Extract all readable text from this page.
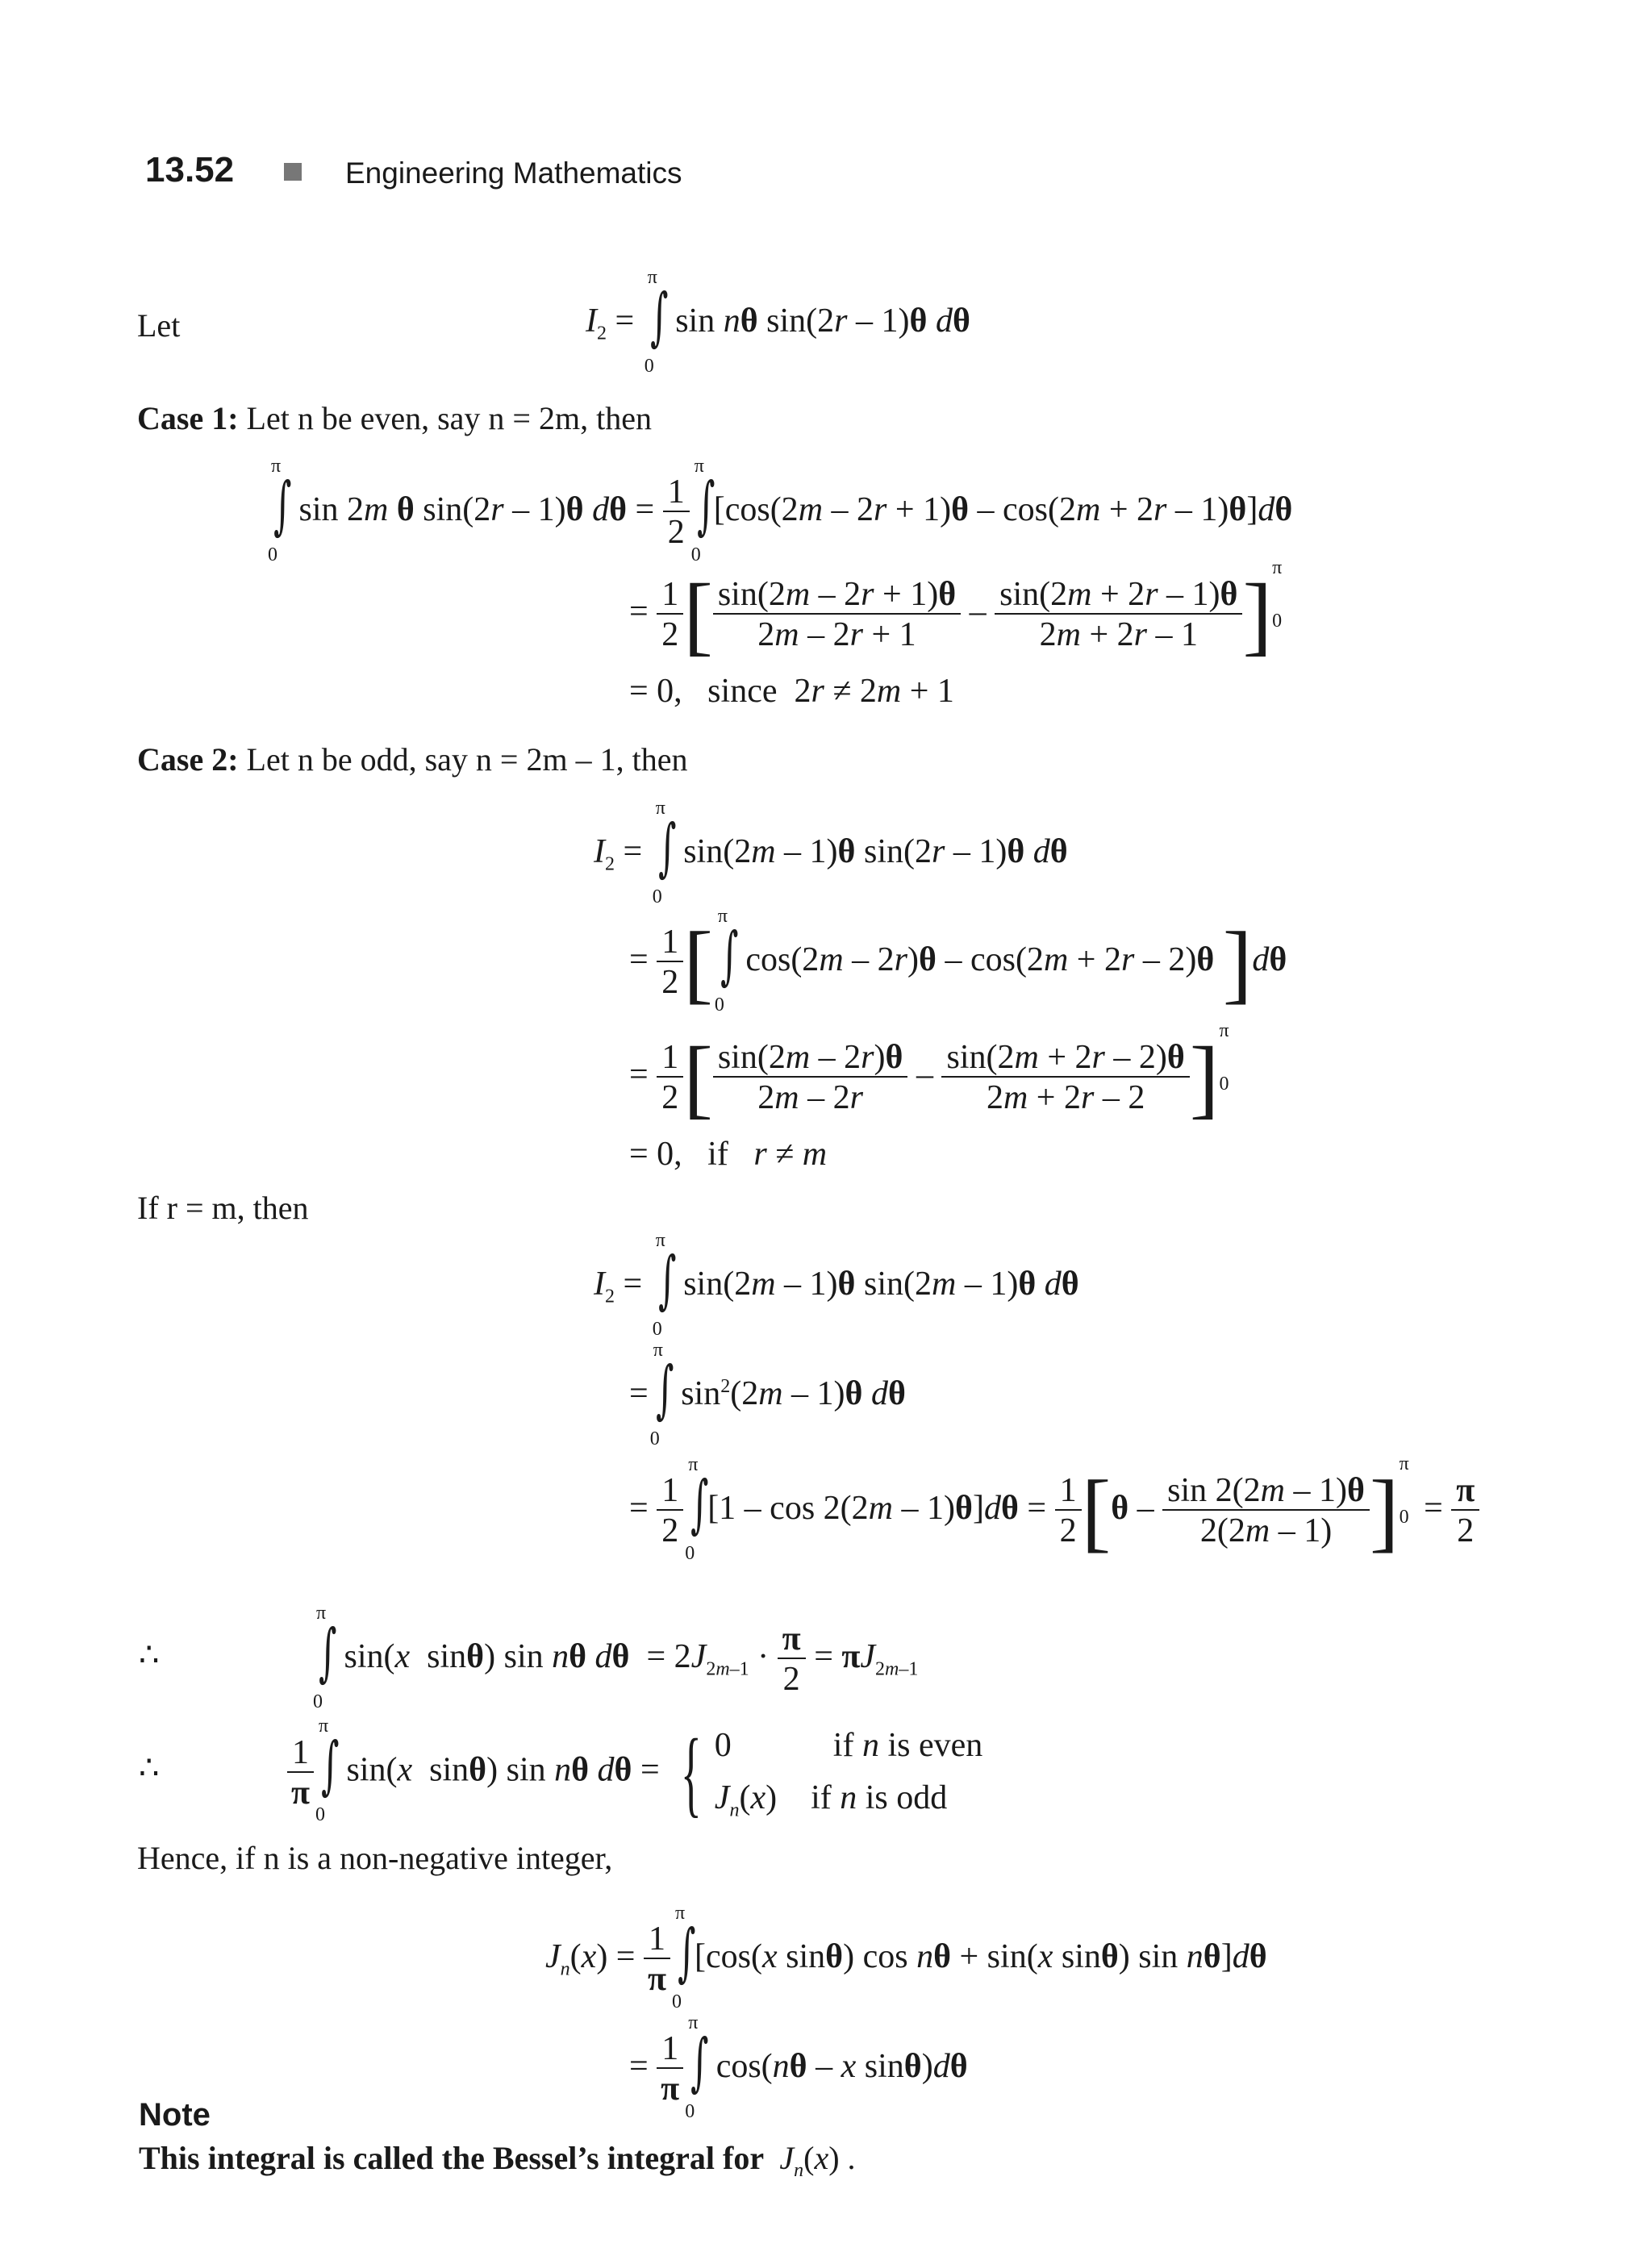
13.52	Engineering Mathematics
Let	$I_2$ =
π
∫
0
sin nθ sin(2r – 1)θ dθ
Case 1: Let n be even, say n = 2m, then
π
∫
0
sin 2m θ sin(2r – 1)θ $d\theta = \frac{1}{2}$
π
∫
0
[cos(2m – 2r + 1)θ – cos(2m + 2r – 1)θ]dθ
= $\frac{1}{2}$ [ $\frac{\sin(2m - 2r + 1)\theta}{2m - 2r + 1} - \frac{\sin(2m + 2r - 1)\theta}{2m + 2r - 1}$ ] π
0
= 0,   since  2r ≠ 2m + 1
Case 2: Let n be odd, say n = 2m – 1, then
$I_2$ =
π
∫
0
sin(2m – 1)θ sin(2r – 1)θ dθ
= $\frac{1}{2}$ [ π
∫
0
cos(2m – 2r)θ – cos(2m + 2r – 2)θ ]dθ
= $\frac{1}{2}$ [ $\frac{\sin(2m - 2r)\theta}{2m - 2r} - \frac{\sin(2m + 2r - 2)\theta}{2m + 2r - 2}$ ] π
0
= 0,   if   r ≠ m
If r = m, then
$I_2$ =
π
∫
0
sin(2m – 1)θ sin(2m – 1)θ dθ
=
π
∫
0
$\sin^2(2m - 1)\theta$ dθ
= $\frac{1}{2}$
π
∫
0
$[1 - \cos 2(2m - 1)\theta]d\theta = \frac{1}{2} [\theta - \frac{\sin 2(2m - 1)\theta}{2(2m - 1)}$ ] π
$0 = \frac{\pi}{2}$
∴
π
∫
0
sin(x  sinθ) sin nθ $d\theta = 2J_{2m-1} \cdot \frac{\pi}{2} = \pi J_{2m-1}$
∴	$\frac{1}{\pi}$
π
∫
0
sin(x  sinθ) sin nθ dθ = { 0            if n is even
$J_n(x)$    if n is odd
Hence, if n is a non-negative integer,
$J_n(x) = \frac{1}{\pi}$
π
∫
0
[cos(x sinθ) cos nθ + sin(x sinθ) sin nθ]dθ
= $\frac{1}{\pi}$
π
∫
0
cos(nθ – x sinθ)dθ
Note
This integral is called the Bessel’s integral for $J_n(x)$ .
